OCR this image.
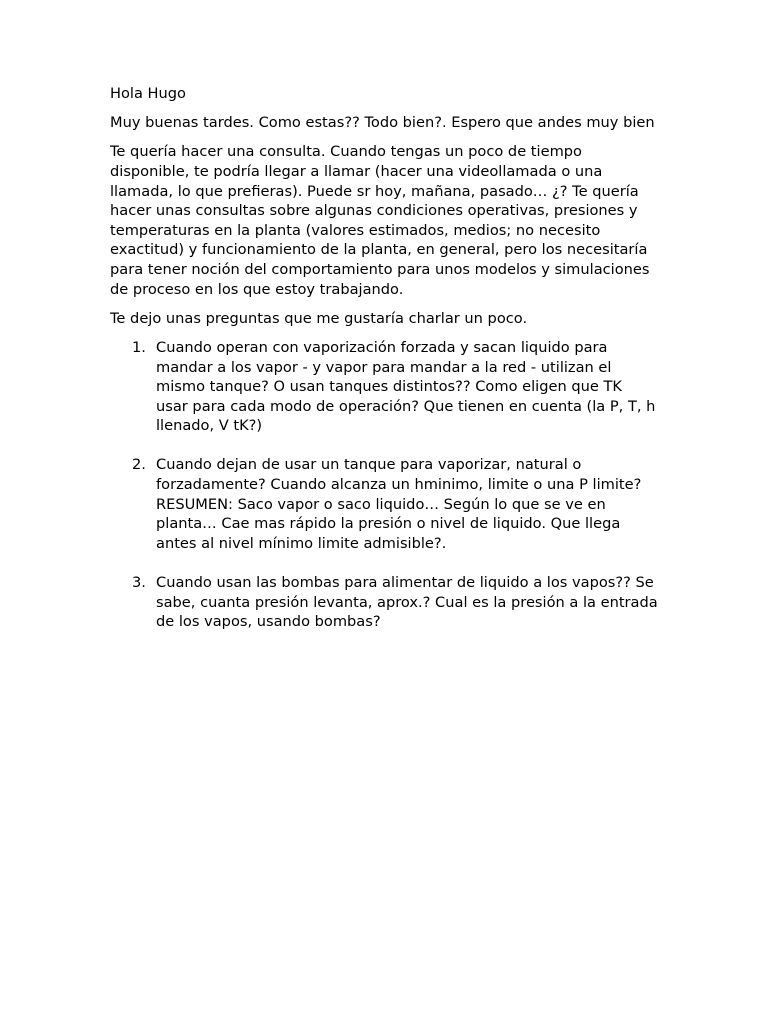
Hola Hugo

Muy buenas tardes. Como estas?? Todo bien?. Espero que andes muy bien

Te quería hacer una consulta. Cuando tengas un poco de tiempo disponible, te podría llegar a llamar (hacer una videollamada o una llamada, lo que prefieras). Puede sr hoy, mañana, pasado… ¿? Te quería hacer unas consultas sobre algunas condiciones operativas, presiones y temperaturas en la planta (valores estimados, medios; no necesito exactitud) y funcionamiento de la planta, en general, pero los necesitaría para tener noción del comportamiento para unos modelos y simulaciones de proceso en los que estoy trabajando.

Te dejo unas preguntas que me gustaría charlar un poco.

1. Cuando operan con vaporización forzada y sacan liquido para mandar a los vapor - y vapor para mandar a la red - utilizan el mismo tanque? O usan tanques distintos?? Como eligen que TK usar para cada modo de operación? Que tienen en cuenta (la P, T, h llenado, V tK?)
2. Cuando dejan de usar un tanque para vaporizar, natural o forzadamente? Cuando alcanza un hminimo, limite o una P limite? RESUMEN: Saco vapor o saco liquido… Según lo que se ve en planta… Cae mas rápido la presión o nivel de liquido. Que llega antes al nivel mínimo limite admisible?.
3. Cuando usan las bombas para alimentar de liquido a los vapos?? Se sabe, cuanta presión levanta, aprox.? Cual es la presión a la entrada de los vapos, usando bombas?
